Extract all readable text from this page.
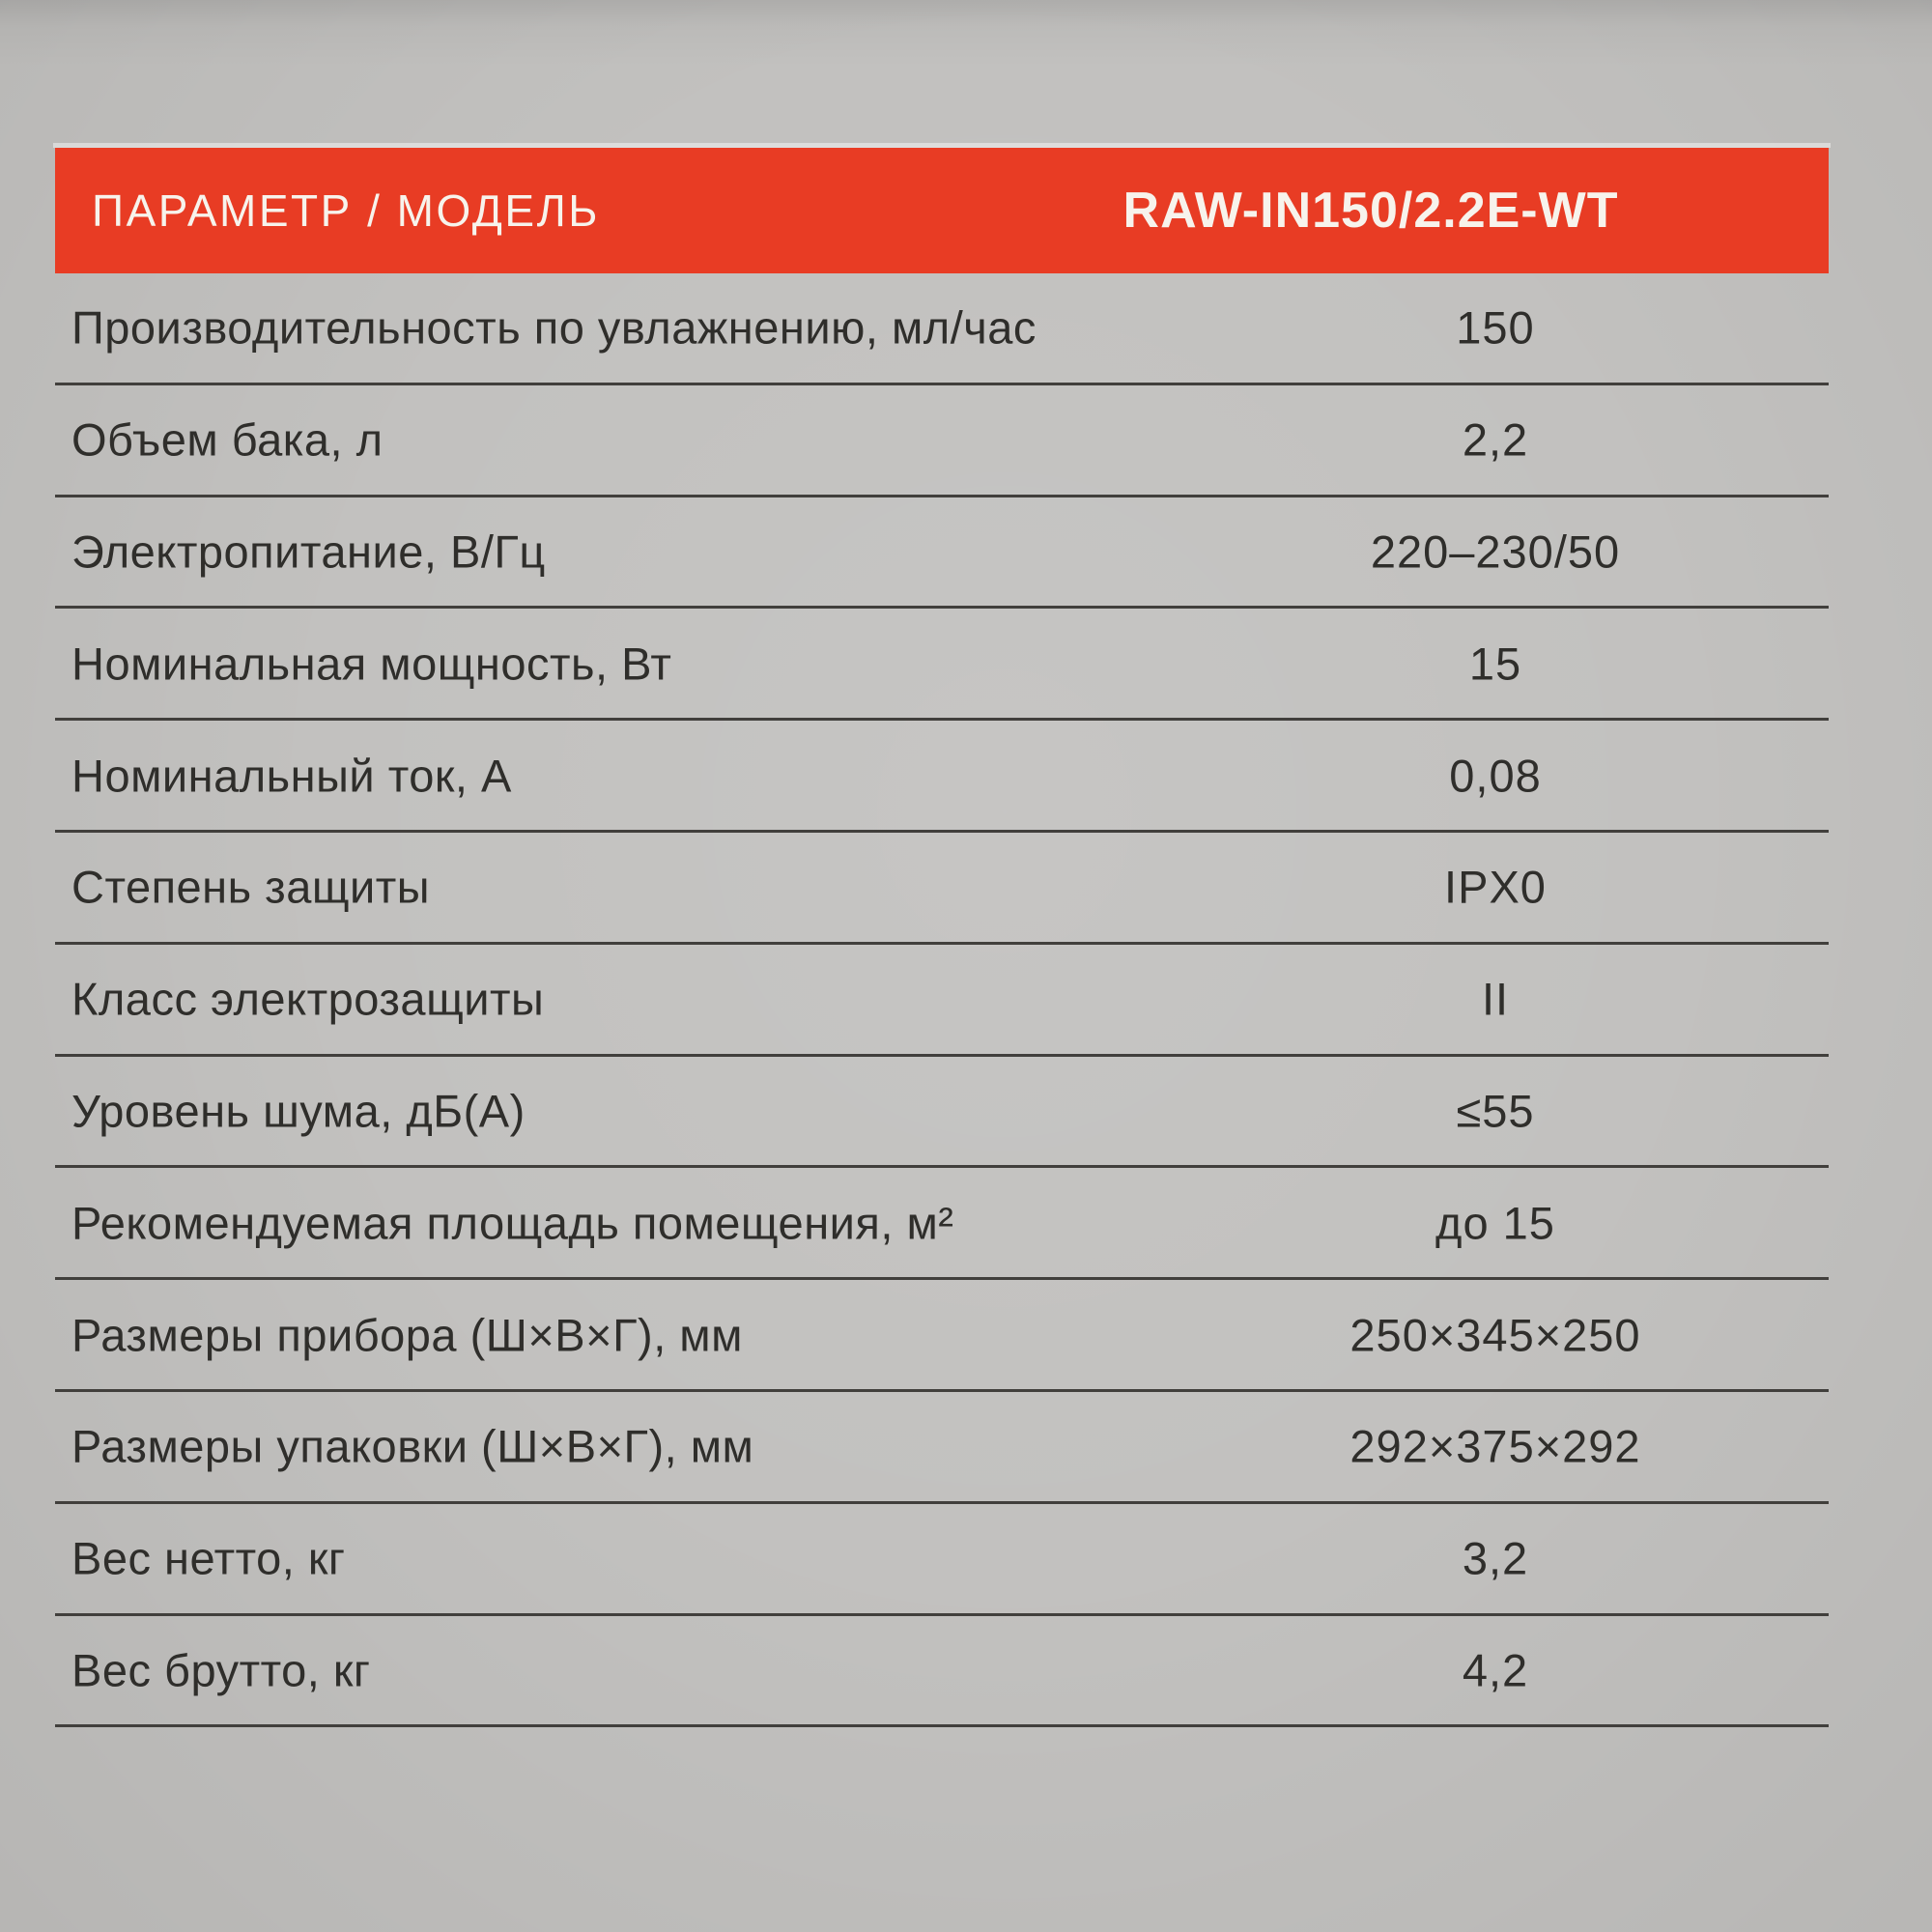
ПАРАМЕТР / МОДЕЛЬ	RAW-IN150/2.2E-WT
Производительность по увлажнению, мл/час	150
Объем бака, л	2,2
Электропитание, В/Гц	220–230/50
Номинальная мощность, Вт	15
Номинальный ток, А	0,08
Степень защиты	IPX0
Класс электрозащиты	II
Уровень шума, дБ(А)	≤55
Рекомендуемая площадь помещения, м²	до 15
Размеры прибора (Ш×В×Г), мм	250×345×250
Размеры упаковки (Ш×В×Г), мм	292×375×292
Вес нетто, кг	3,2
Вес брутто, кг	4,2
